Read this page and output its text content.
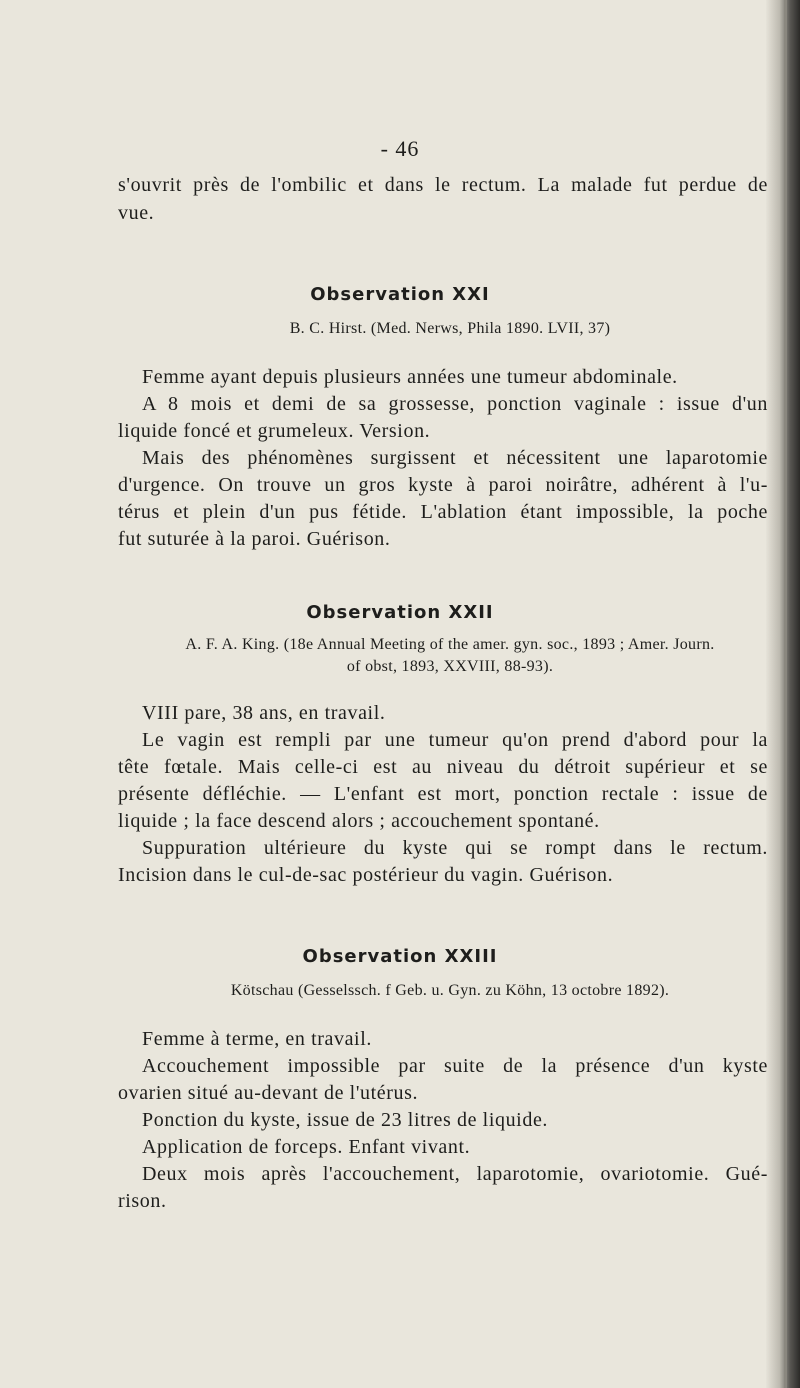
- 46
s'ouvrit près de l'ombilic et dans le rectum. La malade fut perdue de
vue.
Observation XXI
B. C. Hirst. (Med. Nerws, Phila 1890. LVII, 37)
Femme ayant depuis plusieurs années une tumeur abdominale.
A 8 mois et demi de sa grossesse, ponction vaginale : issue d'un
liquide foncé et grumeleux. Version.
Mais des phénomènes surgissent et nécessitent une laparotomie
d'urgence. On trouve un gros kyste à paroi noirâtre, adhérent à l'u-
térus et plein d'un pus fétide. L'ablation étant impossible, la poche
fut suturée à la paroi. Guérison.
Observation XXII
A. F. A. King. (18e Annual Meeting of the amer. gyn. soc., 1893 ; Amer. Journ.
of obst, 1893, XXVIII, 88-93).
VIII pare, 38 ans, en travail.
Le vagin est rempli par une tumeur qu'on prend d'abord pour la
tête fœtale. Mais celle-ci est au niveau du détroit supérieur et se
présente défléchie. — L'enfant est mort, ponction rectale : issue de
liquide ; la face descend alors ; accouchement spontané.
Suppuration ultérieure du kyste qui se rompt dans le rectum.
Incision dans le cul-de-sac postérieur du vagin. Guérison.
Observation XXIII
Kötschau (Gesselssch. f Geb. u. Gyn. zu Köhn, 13 octobre 1892).
Femme à terme, en travail.
Accouchement impossible par suite de la présence d'un kyste
ovarien situé au-devant de l'utérus.
Ponction du kyste, issue de 23 litres de liquide.
Application de forceps. Enfant vivant.
Deux mois après l'accouchement, laparotomie, ovariotomie. Gué-
rison.
